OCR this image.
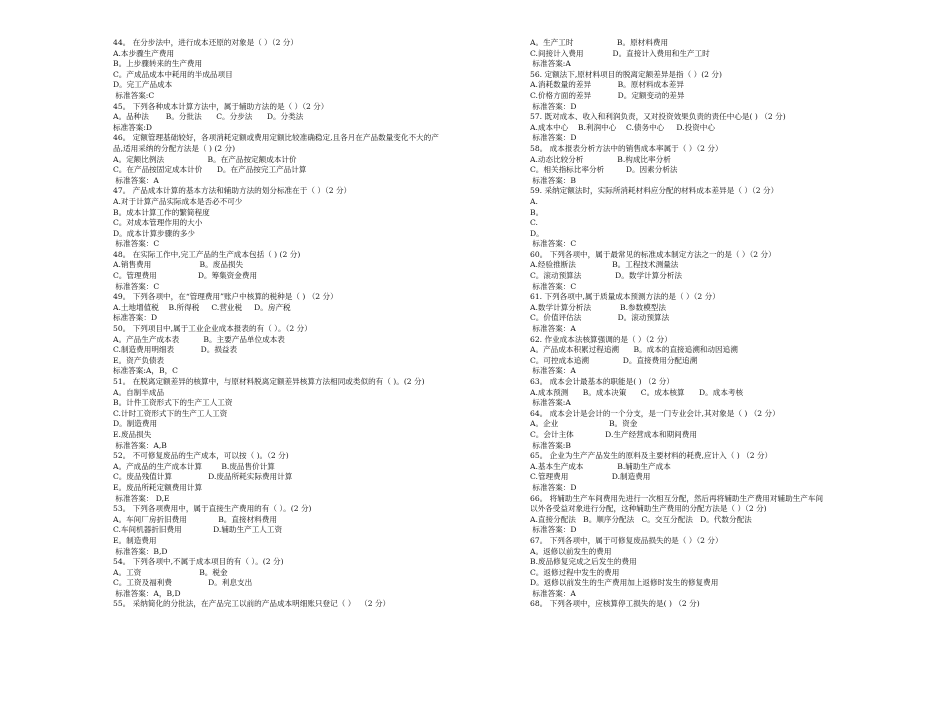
44。 在分步法中，进行成本还原的对象是（ ）（2 分）
A.本步骤生产费用
B。上步骤转来的生产费用
C。产成品成本中耗用的半成品项目
D。完工产品成本
标准答案:C
45。 下列各种成本计算方法中，属于辅助方法的是（ ）（2 分）
A。品种法       B。分批法      C。分步法      D。分类法
标准答案:D
46。 定额管理基础较好，各项消耗定额或费用定额比较准确稳定,且各月在产品数量变化不大的产
品,适用采纳的分配方法是（ ) (2 分)
A。定额比例法                  B。在产品按定额成本计价
C。在产品按固定成本计价      D。在产品按完工产品计算
标准答案：A
47。 产品成本计算的基本方法和辅助方法的划分标准在于（ ）（2 分）
A.对于计算产品实际成本是否必不可少
B。成本计算工作的繁简程度
C。对成本管理作用的大小
D。成本计算步骤的多少
标准答案：C
48。 在实际工作中,完工产品的生产成本包括（ ) (2 分)
A.销售费用                    B。废品损失
C。管理费用                 D。筹集资金费用
标准答案：C
49。 下列各项中，在“管理费用”账户中核算的税种是（ ) （2 分）
A.土地增值税    B.所得税     C.营业税     D。房产税
标准答案：D
50。 下列项目中,属于工业企业成本报表的有（ ）。（2 分）
A。产品生产成本表          B。主要产品单位成本表
C.制造费用明细表           D。损益表
E。资产负债表
标准答案:A，B，C
51。 在脱离定额差异的核算中，与原材料脱离定额差异核算方法相同或类似的有（ )。(2 分)
A。自制半成品
B。计件工资形式下的生产工人工资
C.计时工资形式下的生产工人工资
D。制造费用
E.废品损失
标准答案：A,B
52。 不可修复废品的生产成本，可以按（ )。（2 分)
A。产成品的生产成本计算        B.废品售价计算
C。废品残值计算               D.废品所耗实际费用计算
E。废品所耗定额费用计算
标准答案： D,E
53。 下列各项费用中，属于直接生产费用的有（ ）。(2 分)
A。车间厂房折旧费用             B。直接材料费用
C.车间机器折旧费用             D.辅助生产工人工资
E。制造费用
标准答案：B,D
54。 下列各项中,不属于成本项目的有（ ）。(2 分)
A。工资                        B。税金
C。工资及福利费               D。利息支出
标准答案：A，B,D
55。 采纳简化的分批法，在产品完工以前的产品成本明细账只登记（ ）  （2 分）
A。生产工时                  B。原材料费用
C.间接计入费用            D。直接计入费用和生产工时
标准答案:A
56. 定额法下,原材料项目的脱离定额差异是指（ ）(2 分)
A.消耗数量的差异           B。原材料成本差异
C.价格方面的差异           D。定额变动的差异
标准答案：D
57. 既对成本、收入和利润负责，又对投资效果负责的责任中心是( ) （2 分)
A.成本中心    B.利润中心    C.债务中心     D.投资中心
标准答案：D
58。 成本报表分析方法中的销售成本率属于（ ）（2 分）
A.动态比较分析              B.构成比率分析
C。相关指标比率分析         D。因素分析法
标准答案：B
59. 采纳定额法时，实际所消耗材料应分配的材料成本差异是（ ）（2 分）
A.
B。
C.
D。
标准答案：C
60。 下列各项中，属于最常见的标准成本制定方法之一的是（ ）（2 分）
A.经验推断法               B。工程技术测量法
C。滚动预算法              D。数学计算分析法
标准答案：C
61. 下列各项中,属于质量成本预测方法的是（ ）（2 分）
A.数学计算分析法            B.参数模型法
C。价值评估法               D。滚动预算法
标准答案：A
62. 作业成本法核算强调的是（ ）（2 分）
A。产品成本积累过程追溯      B。成本的直接追溯和动因追溯
C。可控成本追溯              D。直接费用分配追溯
标准答案：A
63。 成本会计最基本的职能是( ) （2 分）
A.成本预测      B。成本决策      C。成本核算      D。成本考核
标准答案:A
64。 成本会计是会计的一个分支，是一门专业会计,其对象是（ ) （2 分）
A。企业                     B。资金
C。会计主体             D.生产经营成本和期间费用
标准答案:B
65。 企业为生产产品发生的原料及主要材料的耗费,应计入（ ) （2 分）
A.基本生产成本              B.辅助生产成本
C.管理费用                  D.制造费用
标准答案：D
66。 将辅助生产车间费用先进行一次相互分配，然后再将辅助生产费用对辅助生产车间
以外各受益对象进行分配，这种辅助生产费用的分配方法是（ ）（2 分)
A.直接分配法   B。顺序分配法   C。交互分配法   D。代数分配法
标准答案：D
67。 下列各项中，属于可修复废品损失的是（ ）（2 分）
A。返修以前发生的费用
B.废品修复完成之后发生的费用
C。返修过程中发生的费用
D。返修以前发生的生产费用加上返修时发生的修复费用
标准答案：A
68。 下列各项中，应核算停工损失的是( ) （2 分)
